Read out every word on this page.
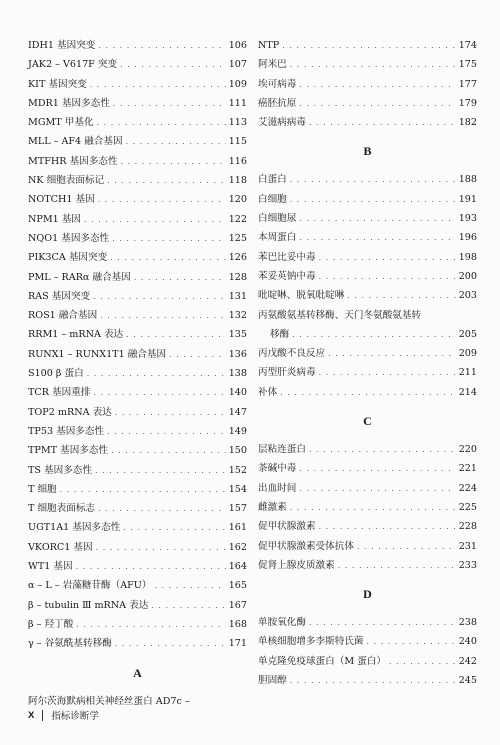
IDH1 基因突变 . . .	106
JAK2 – V617F 突变 . . .	107
KIT 基因突变 . . .	109
MDR1 基因多态性 . . .	111
MGMT 甲基化 . . .	113
MLL – AF4 融合基因 . . .	115
MTFHR 基因多态性 . . .	116
NK 细胞表面标记 . . .	118
NOTCH1 基因 . . .	120
NPM1 基因 . . .	122
NQO1 基因多态性 . . .	125
PIK3CA 基因突变 . . .	126
PML – RARα 融合基因 . . .	128
RAS 基因突变 . . .	131
ROS1 融合基因 . . .	132
RRM1 – mRNA 表达 . . .	135
RUNX1 – RUNX1T1 融合基因 . . .	136
S100 β 蛋白 . . .	138
TCR 基因重排 . . .	140
TOP2 mRNA 表达 . . .	147
TP53 基因多态性 . . .	149
TPMT 基因多态性 . . .	150
TS 基因多态性 . . .	152
T 细胞 . . .	154
T 细胞表面标志 . . .	157
UGT1A1 基因多态性 . . .	161
VKORC1 基因 . . .	162
WT1 基因 . . .	164
α – L – 岩藻糖苷酶（AFU） . . .	165
β – tubulin Ⅲ mRNA 表达 . . .	167
β – 羟丁酸 . . .	168
γ – 谷氨酰基转移酶 . . .	171
A
阿尔茨海默病相关神经丝蛋白 AD7c –
NTP . . .	174
阿米巴 . . .	175
埃可病毒 . . .	177
癌胚抗原 . . .	179
艾滋病病毒 . . .	182
B
白蛋白 . . .	188
白细胞 . . .	191
白细胞尿 . . .	193
本周蛋白 . . .	196
苯巴比妥中毒 . . .	198
苯妥英钠中毒 . . .	200
吡啶啉、脱氧吡啶啉 . . .	203
丙氨酸氨基转移酶、天门冬氨酸氨基转
移酶 . . .	205
丙戊酸不良反应 . . .	209
丙型肝炎病毒 . . .	211
补体 . . .	214
C
层粘连蛋白 . . .	220
茶碱中毒 . . .	221
出血时间 . . .	224
雌激素 . . .	225
促甲状腺激素 . . .	228
促甲状腺激素受体抗体 . . .	231
促肾上腺皮质激素 . . .	233
D
单胺氧化酶 . . .	238
单核细胞增多李斯特氏菌 . . .	240
单克隆免疫球蛋白（M 蛋白） . . .	242
胆固醇 . . .	245
X 指标诊断学
